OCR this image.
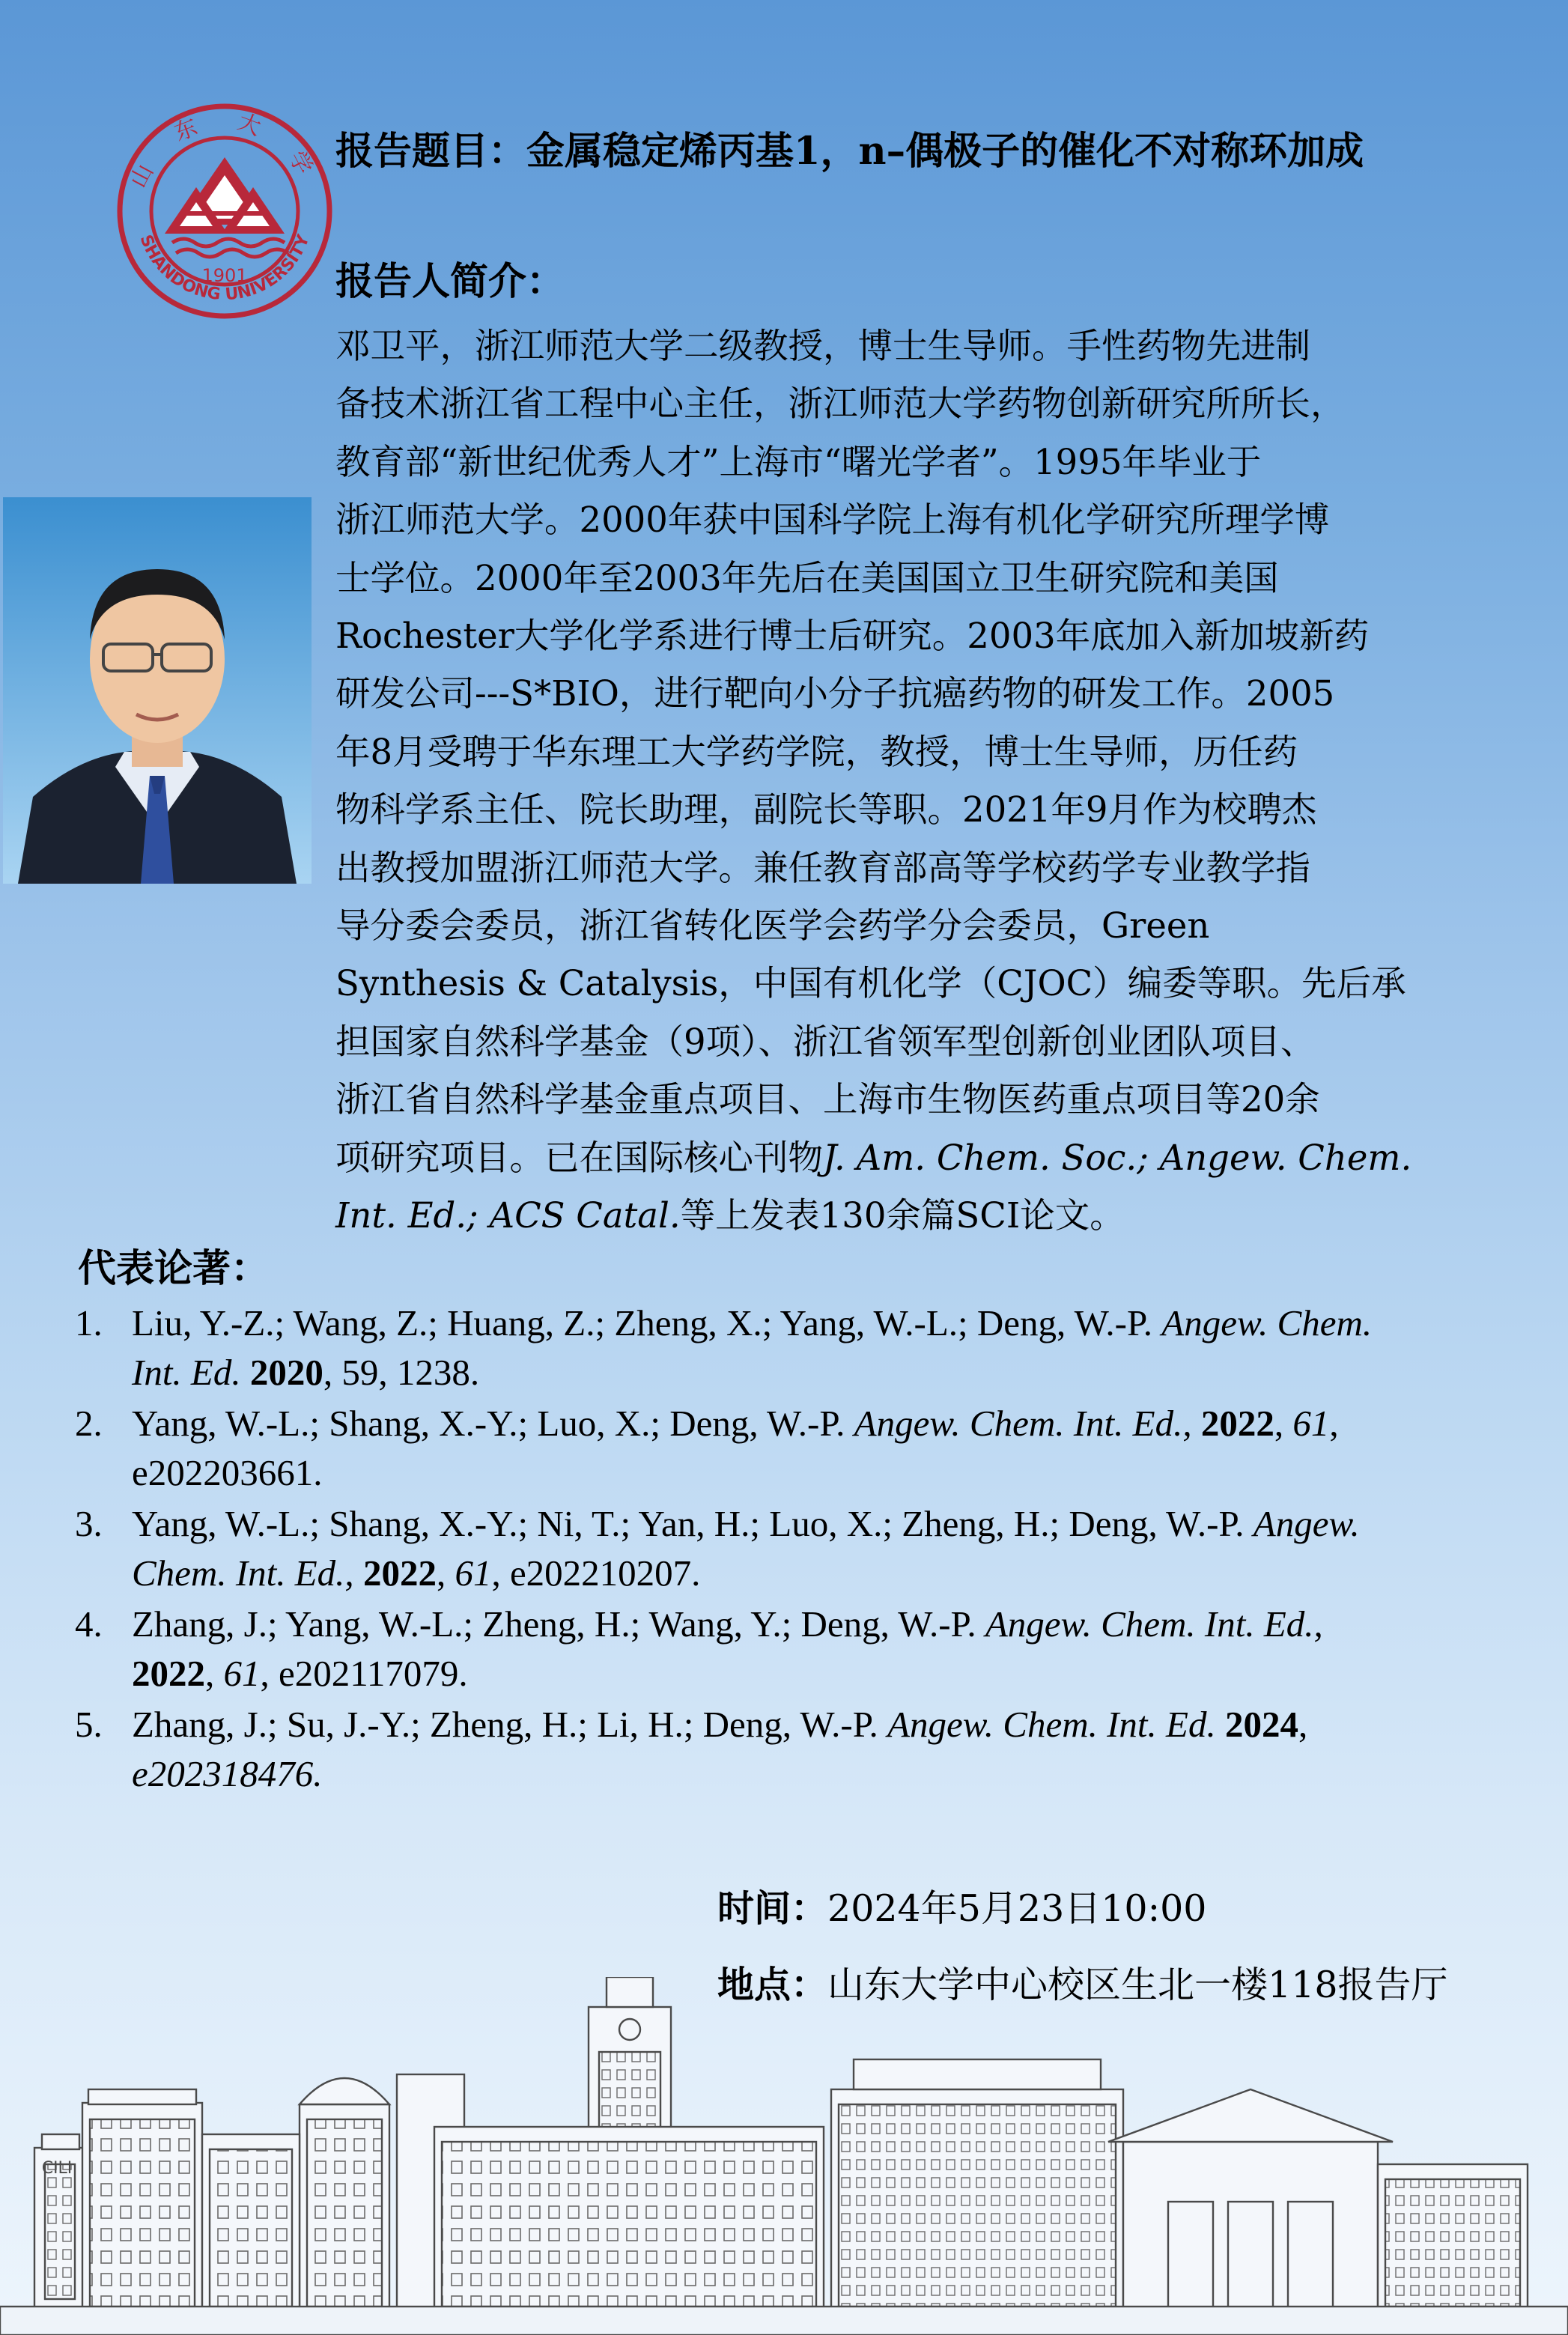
山 东 大 学
SHANDONG UNIVERSITY
1901
报告题目：金属稳定烯丙基1，n–偶极子的催化不对称环加成
报告人简介：
邓卫平，浙江师范大学二级教授，博士生导师。手性药物先进制
备技术浙江省工程中心主任，浙江师范大学药物创新研究所所长，
教育部“新世纪优秀人才”上海市“曙光学者”。1995年毕业于
浙江师范大学。2000年获中国科学院上海有机化学研究所理学博
士学位。2000年至2003年先后在美国国立卫生研究院和美国
Rochester大学化学系进行博士后研究。2003年底加入新加坡新药
研发公司---S*BIO，进行靶向小分子抗癌药物的研发工作。2005
年8月受聘于华东理工大学药学院，教授，博士生导师，历任药
物科学系主任、院长助理，副院长等职。2021年9月作为校聘杰
出教授加盟浙江师范大学。兼任教育部高等学校药学专业教学指
导分委会委员，浙江省转化医学会药学分会委员，Green
Synthesis & Catalysis，中国有机化学（CJOC）编委等职。先后承
担国家自然科学基金（9项）、浙江省领军型创新创业团队项目、
浙江省自然科学基金重点项目、上海市生物医药重点项目等20余
项研究项目。已在国际核心刊物J. Am. Chem. Soc.; Angew. Chem.
Int. Ed.; ACS Catal.等上发表130余篇SCI论文。
代表论著：
1. Liu, Y.-Z.; Wang, Z.; Huang, Z.; Zheng, X.; Yang, W.-L.; Deng, W.-P. Angew. Chem.
Int. Ed. 2020, 59, 1238.
2. Yang, W.-L.; Shang, X.-Y.; Luo, X.; Deng, W.-P. Angew. Chem. Int. Ed., 2022, 61,
e202203661.
3. Yang, W.-L.; Shang, X.-Y.; Ni, T.; Yan, H.; Luo, X.; Zheng, H.; Deng, W.-P. Angew.
Chem. Int. Ed., 2022, 61, e202210207.
4. Zhang, J.; Yang, W.-L.; Zheng, H.; Wang, Y.; Deng, W.-P. Angew. Chem. Int. Ed.,
2022, 61, e202117079.
5. Zhang, J.; Su, J.-Y.; Zheng, H.; Li, H.; Deng, W.-P. Angew. Chem. Int. Ed. 2024,
e202318476.
时间：2024年5月23日10:00
地点：山东大学中心校区生北一楼118报告厅
CILI
